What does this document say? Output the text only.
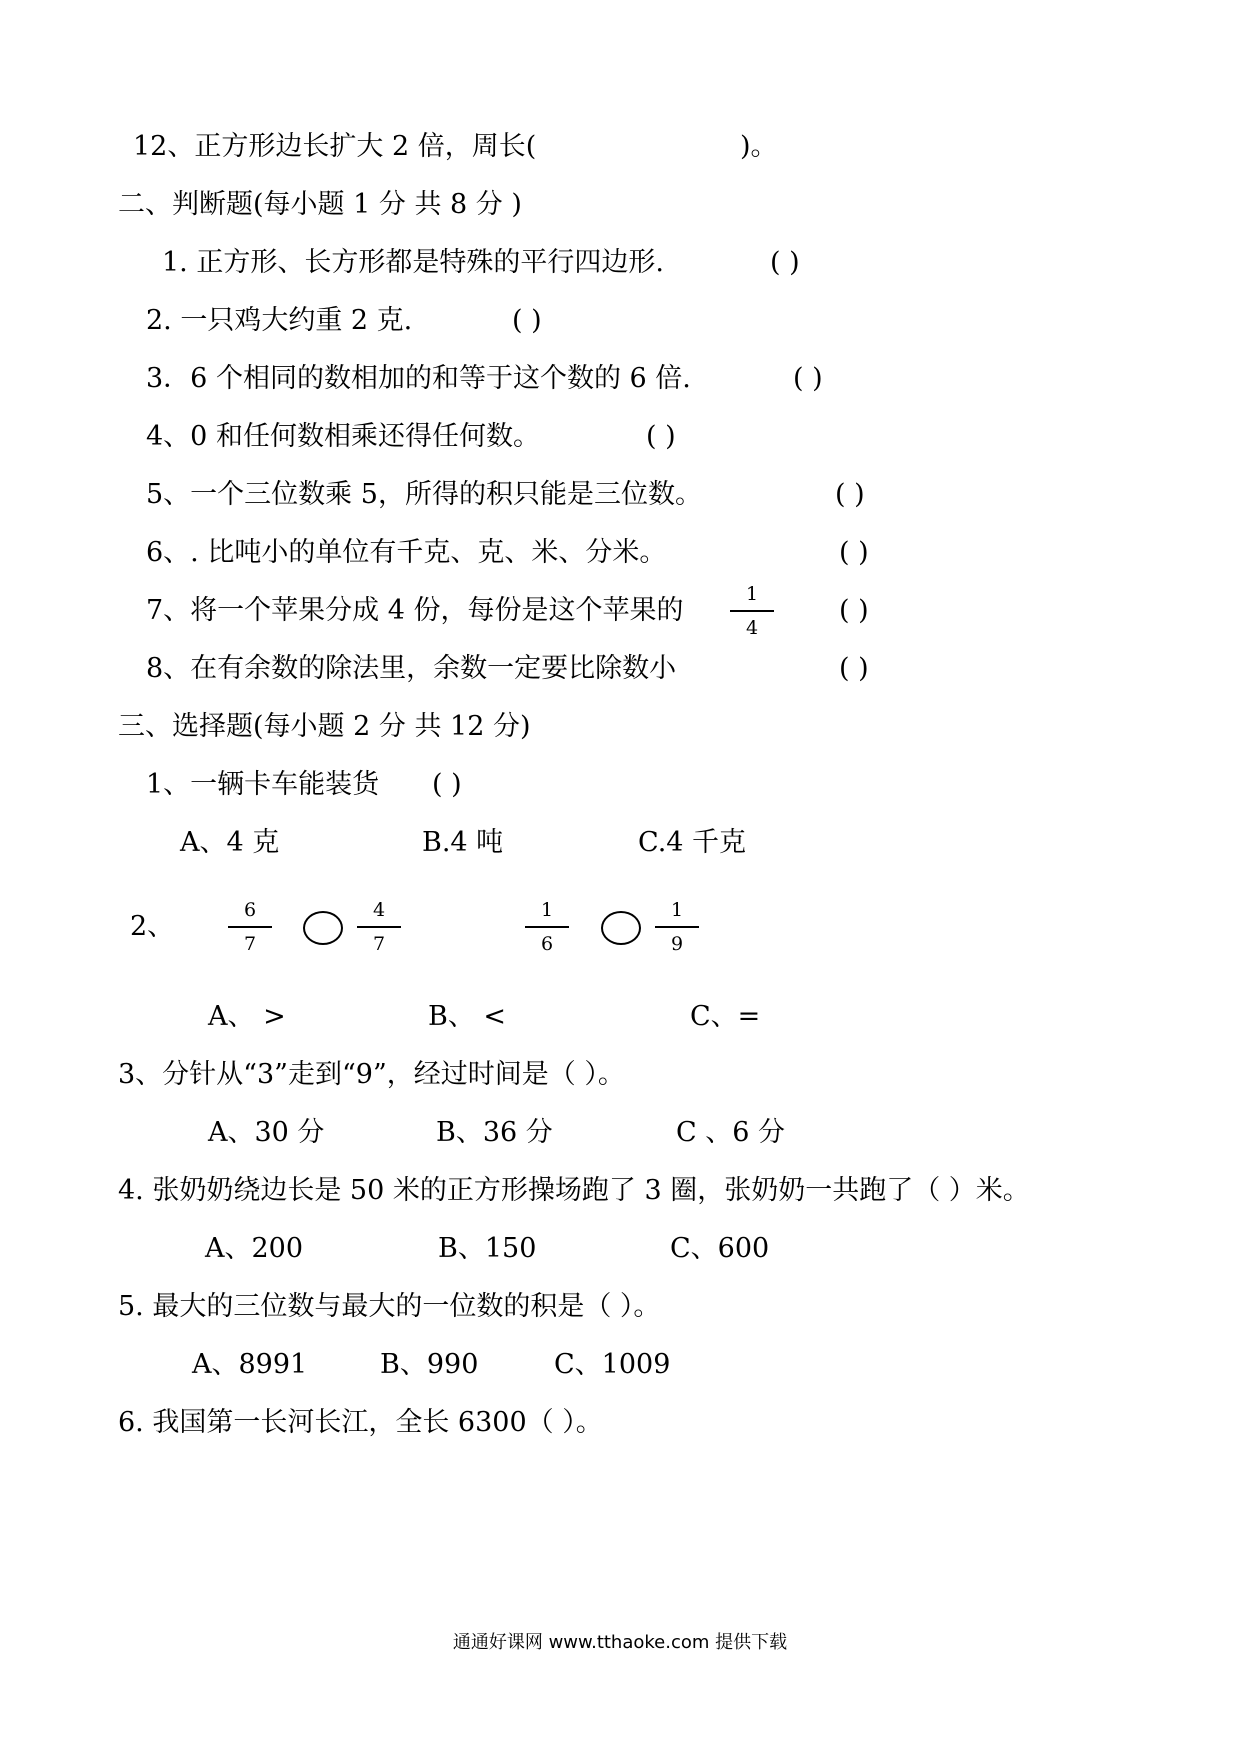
12、正方形边长扩大 2 倍，周长(	)。
二、判断题(每小题 1 分 共 8 分 )
1. 正方形、长方形都是特殊的平行四边形.	( )
2. 一只鸡大约重 2 克.	( )
3．6 个相同的数相加的和等于这个数的 6 倍.	( )
4、0 和任何数相乘还得任何数。	( )
5、一个三位数乘 5，所得的积只能是三位数。	( )
6、. 比吨小的单位有千克、克、米、分米。	( )
7、将一个苹果分成 4 份，每份是这个苹果的
1
4
( )
8、在有余数的除法里，余数一定要比除数小	( )
三、选择题(每小题 2 分 共 12 分)
1、一辆卡车能装货 ( )
A、4 克	B.4 吨	C.4 千克
2、
6
7
4
7
1
6
1
9
A、 >	B、 <	C、=
3、分针从“3”走到“9”，经过时间是（ ）。
A、30 分	B、36 分	C 、6 分
4. 张奶奶绕边长是 50 米的正方形操场跑了 3 圈，张奶奶一共跑了（ ）米。
A、200	B、150	C、600
5. 最大的三位数与最大的一位数的积是（ ）。
A、8991	B、990	C、1009
6. 我国第一长河长江，全长 6300（ ）。
通通好课网 www.tthaoke.com 提供下载
